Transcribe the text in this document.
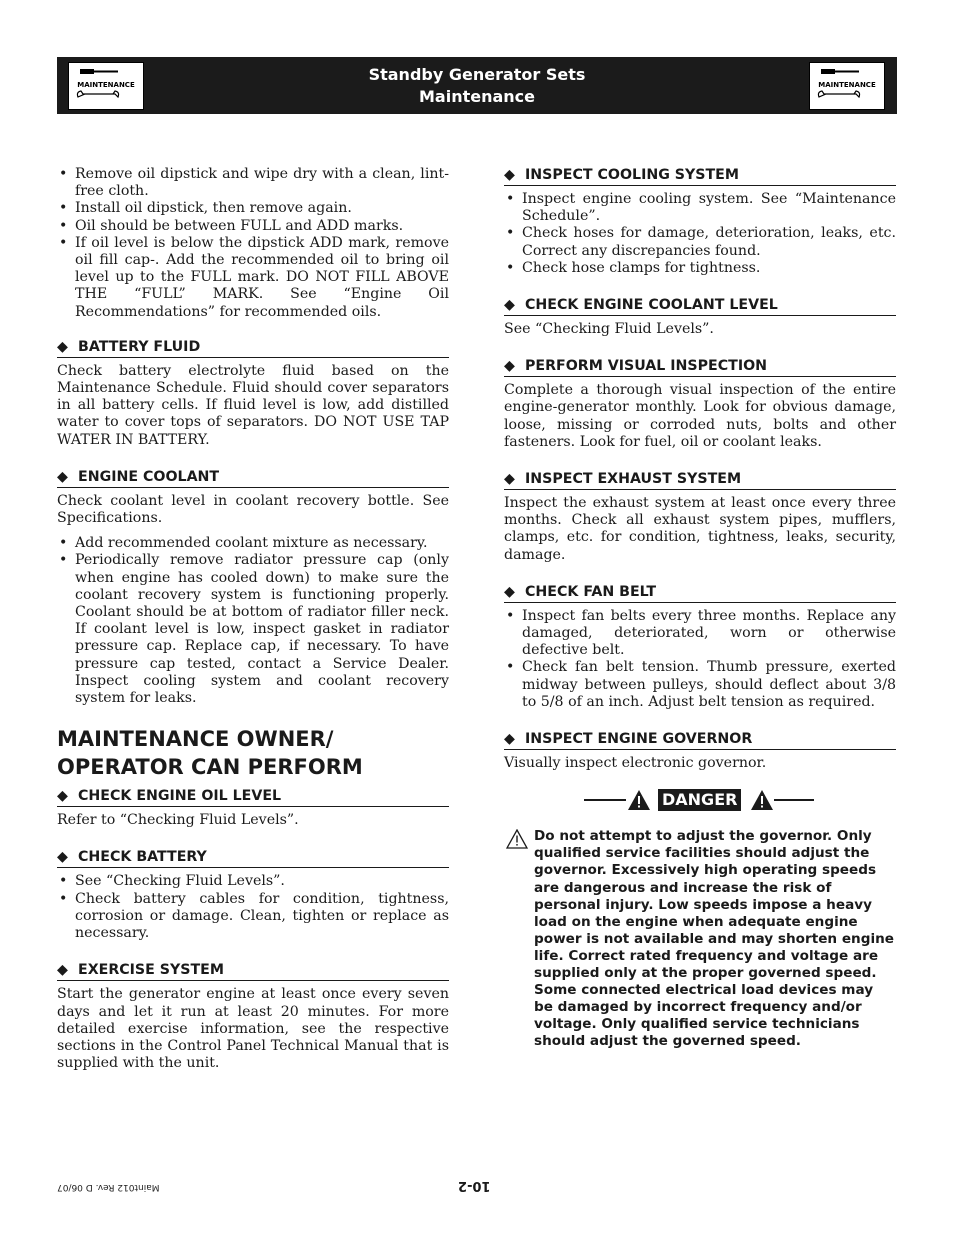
MAINTENANCE
Standby Generator Sets
Maintenance
MAINTENANCE
• Remove oil dipstick and wipe dry with a clean, lint-free cloth.
• Install oil dipstick, then remove again.
• Oil should be between FULL and ADD marks.
• If oil level is below the dipstick ADD mark, remove oil fill cap-. Add the recommended oil to bring oil level up to the FULL mark. DO NOT FILL ABOVE THE “FULL” MARK. See “Engine Oil Recommendations” for recommended oils.
◆ BATTERY FLUID

Check battery electrolyte fluid based on the Maintenance Schedule. Fluid should cover separators in all battery cells. If fluid level is low, add distilled water to cover tops of separators. DO NOT USE TAP WATER IN BATTERY.

◆ ENGINE COOLANT

Check coolant level in coolant recovery bottle. See Specifications.

• Add recommended coolant mixture as necessary.
• Periodically remove radiator pressure cap (only when engine has cooled down) to make sure the coolant recovery system is functioning properly. Coolant should be at bottom of radiator filler neck. If coolant level is low, inspect gasket in radiator pressure cap. Replace cap, if necessary. To have pressure cap tested, contact a Service Dealer. Inspect cooling system and coolant recovery system for leaks.
MAINTENANCE OWNER/
OPERATOR CAN PERFORM
◆ CHECK ENGINE OIL LEVEL

Refer to “Checking Fluid Levels”.

◆ CHECK BATTERY
• See “Checking Fluid Levels”.
• Check battery cables for condition, tightness, corrosion or damage. Clean, tighten or replace as necessary.
◆ EXERCISE SYSTEM

Start the generator engine at least once every seven days and let it run at least 20 minutes. For more detailed exercise information, see the respective sections in the Control Panel Technical Manual that is supplied with the unit.

◆ INSPECT COOLING SYSTEM
• Inspect engine cooling system. See “Maintenance Schedule”.
• Check hoses for damage, deterioration, leaks, etc. Correct any discrepancies found.
• Check hose clamps for tightness.
◆ CHECK ENGINE COOLANT LEVEL

See “Checking Fluid Levels”.

◆ PERFORM VISUAL INSPECTION

Complete a thorough visual inspection of the entire engine-generator monthly. Look for obvious damage, loose, missing or corroded nuts, bolts and other fasteners. Look for fuel, oil or coolant leaks.

◆ INSPECT EXHAUST SYSTEM

Inspect the exhaust system at least once every three months. Check all exhaust system pipes, mufflers, clamps, etc. for condition, tightness, leaks, security, damage.

◆ CHECK FAN BELT
• Inspect fan belts every three months. Replace any damaged, deteriorated, worn or otherwise defective belt.
• Check fan belt tension. Thumb pressure, exerted midway between pulleys, should deflect about 3/8 to 5/8 of an inch. Adjust belt tension as required.
◆ INSPECT ENGINE GOVERNOR

Visually inspect electronic governor.

DANGER
Do not attempt to adjust the governor. Only qualified service facilities should adjust the governor. Excessively high operating speeds are dangerous and increase the risk of personal injury. Low speeds impose a heavy load on the engine when adequate engine power is not available and may shorten engine life. Correct rated frequency and voltage are supplied only at the proper governed speed. Some connected electrical load devices may be damaged by incorrect frequency and/or voltage. Only qualified service technicians should adjust the governed speed.
Maint012 Rev. D 06/07	10-2
